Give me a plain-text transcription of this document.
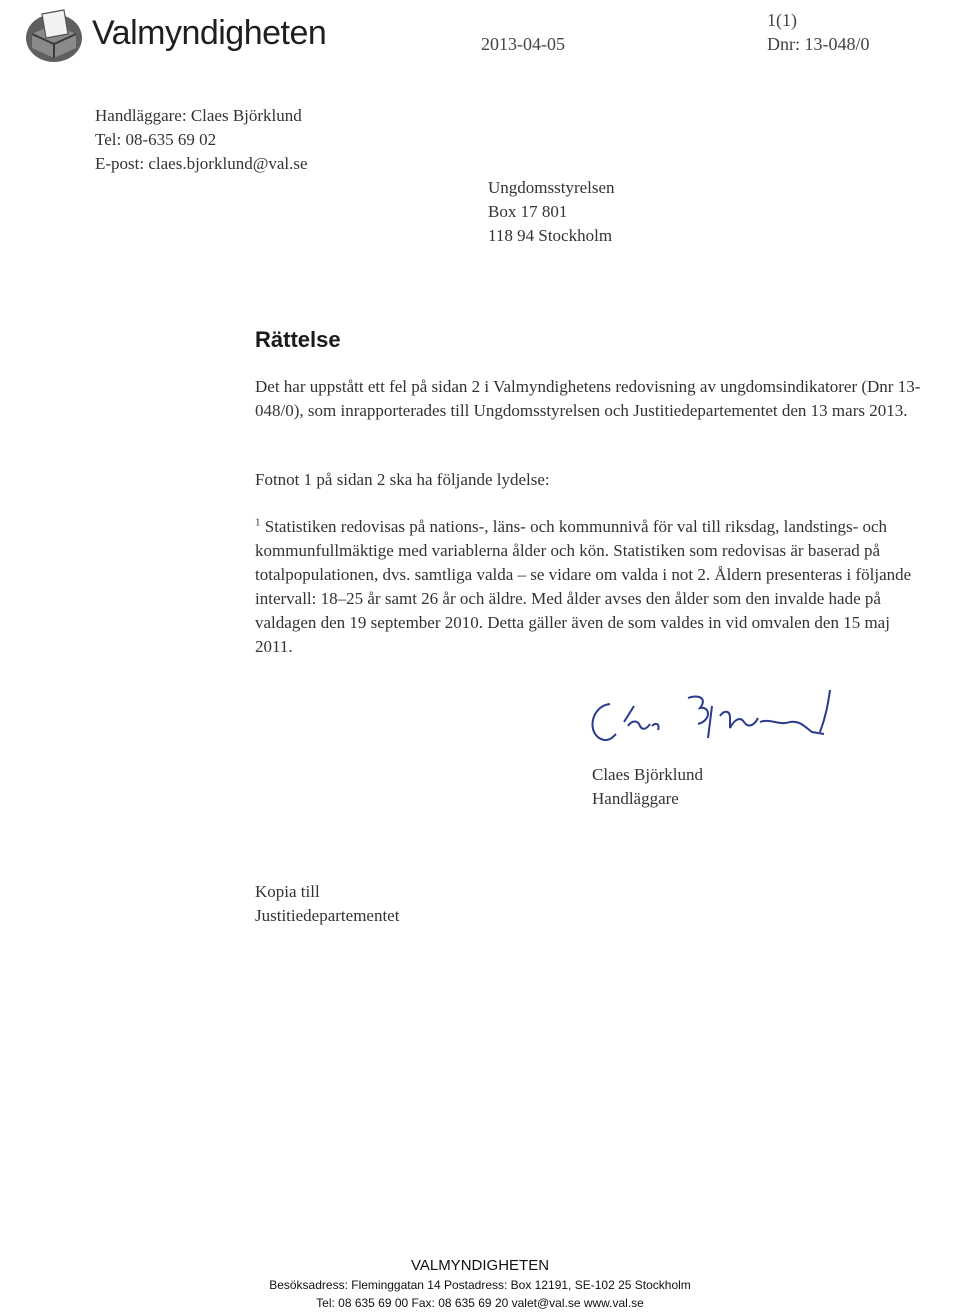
Valmyndigheten	2013-04-05
1(1)
Dnr: 13-048/0
Handläggare: Claes Björklund
Tel: 08-635 69 02
E-post: claes.bjorklund@val.se
Ungdomsstyrelsen
Box 17 801
118 94 Stockholm
Rättelse
Det har uppstått ett fel på sidan 2 i Valmyndighetens redovisning av ungdomsindikatorer (Dnr 13-048/0), som inrapporterades till Ungdomsstyrelsen och Justitiedepartementet den 13 mars 2013.
Fotnot 1 på sidan 2 ska ha följande lydelse:
$^1$ Statistiken redovisas på nations-, läns- och kommunnivå för val till riksdag, landstings- och kommunfullmäktige med variablerna ålder och kön. Statistiken som redovisas är baserad på totalpopulationen, dvs. samtliga valda – se vidare om valda i not 2. Åldern presenteras i följande intervall: 18–25 år samt 26 år och äldre. Med ålder avses den ålder som den invalde hade på valdagen den 19 september 2010. Detta gäller även de som valdes in vid omvalen den 15 maj 2011.
Claes Björklund
Handläggare
Kopia till
Justitiedepartementet
VALMYNDIGHETEN
Besöksadress: Fleminggatan 14 Postadress: Box 12191, SE-102 25 Stockholm
Tel: 08 635 69 00 Fax: 08 635 69 20 valet@val.se www.val.se
